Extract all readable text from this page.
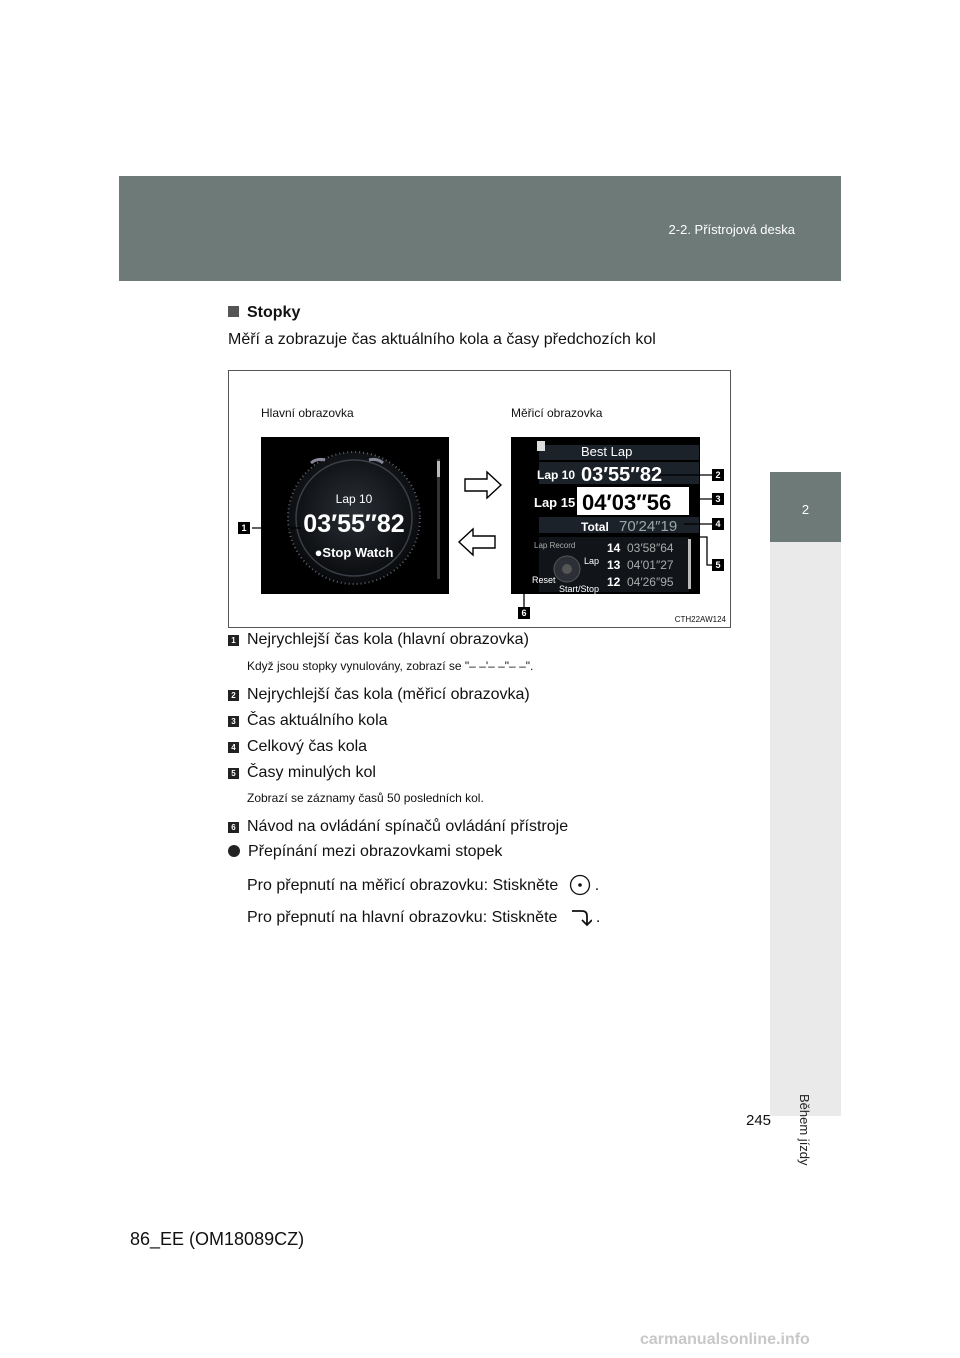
2-2. Přístrojová deska
2
Během jízdy
Stopky
Měří a zobrazuje čas aktuálního kola a časy předchozích kol
Hlavní obrazovka	Měřicí obrazovka
Lap 10
03′55″82
●Stop Watch
Best Lap
Lap 10 03′55″82
Lap 15 04′03″56
Total 70′24″19
Lap Record	14 03′58″64
13 04′01″27
12 04′26″95
Reset
Lap
Start/Stop
1
2
3
4
5
6
CTH22AW124
1 Nejrychlejší čas kola (hlavní obrazovka)
Když jsou stopky vynulovány, zobrazí se "– –'– –"– –".
2 Nejrychlejší čas kola (měřicí obrazovka)
3 Čas aktuálního kola
4 Celkový čas kola
5 Časy minulých kol
Zobrazí se záznamy časů 50 posledních kol.
6 Návod na ovládání spínačů ovládání přístroje
Přepínání mezi obrazovkami stopek
Pro přepnutí na měřicí obrazovku: Stiskněte .
Pro přepnutí na hlavní obrazovku: Stiskněte .
245
86_EE (OM18089CZ)
carmanualsonline.info
